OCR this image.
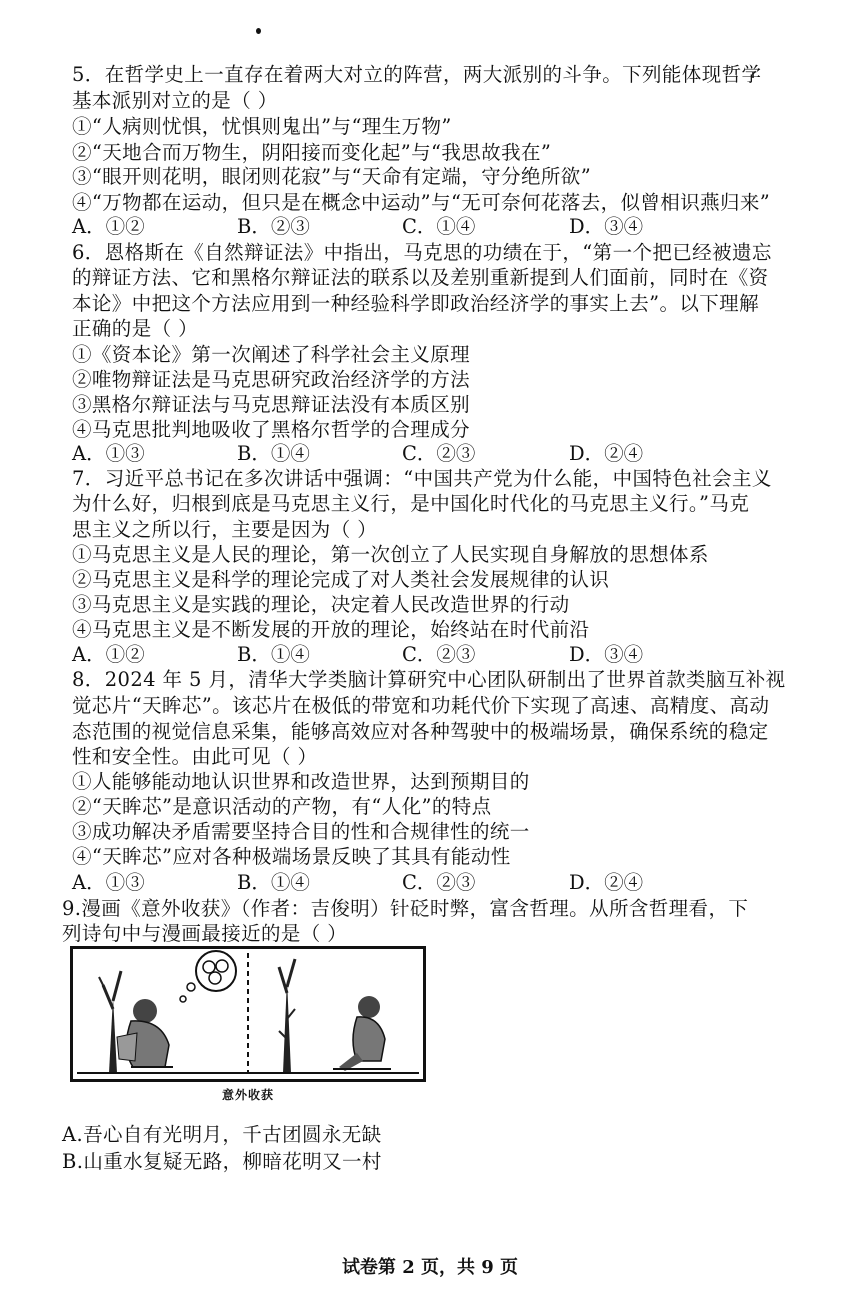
5．在哲学史上一直存在着两大对立的阵营，两大派别的斗争。下列能体现哲学
基本派别对立的是（ ）
①“人病则忧惧，忧惧则鬼出”与“理生万物”
②“天地合而万物生，阴阳接而变化起”与“我思故我在”
③“眼开则花明，眼闭则花寂”与“天命有定端，守分绝所欲”
④“万物都在运动，但只是在概念中运动”与“无可奈何花落去，似曾相识燕归来”
A．①②	B．②③	C．①④	D．③④
6．恩格斯在《自然辩证法》中指出，马克思的功绩在于，“第一个把已经被遗忘
的辩证方法、它和黑格尔辩证法的联系以及差别重新提到人们面前，同时在《资
本论》中把这个方法应用到一种经验科学即政治经济学的事实上去”。以下理解
正确的是（ ）
①《资本论》第一次阐述了科学社会主义原理
②唯物辩证法是马克思研究政治经济学的方法
③黑格尔辩证法与马克思辩证法没有本质区别
④马克思批判地吸收了黑格尔哲学的合理成分
A．①③	B．①④	C．②③	D．②④
7．习近平总书记在多次讲话中强调：“中国共产党为什么能，中国特色社会主义
为什么好，归根到底是马克思主义行，是中国化时代化的马克思主义行。”马克
思主义之所以行，主要是因为（ ）
①马克思主义是人民的理论，第一次创立了人民实现自身解放的思想体系
②马克思主义是科学的理论完成了对人类社会发展规律的认识
③马克思主义是实践的理论，决定着人民改造世界的行动
④马克思主义是不断发展的开放的理论，始终站在时代前沿
A．①②	B．①④	C．②③	D．③④
8．2024 年 5 月，清华大学类脑计算研究中心团队研制出了世界首款类脑互补视
觉芯片“天眸芯”。该芯片在极低的带宽和功耗代价下实现了高速、高精度、高动
态范围的视觉信息采集，能够高效应对各种驾驶中的极端场景，确保系统的稳定
性和安全性。由此可见（ ）
①人能够能动地认识世界和改造世界，达到预期目的
②“天眸芯”是意识活动的产物，有“人化”的特点
③成功解决矛盾需要坚持合目的性和合规律性的统一
④“天眸芯”应对各种极端场景反映了其具有能动性
A．①③	B．①④	C．②③	D．②④
9.漫画《意外收获》（作者：吉俊明）针砭时弊，富含哲理。从所含哲理看，下
列诗句中与漫画最接近的是（ ）
意外收获
A.吾心自有光明月，千古团圆永无缺
B.山重水复疑无路，柳暗花明又一村
试卷第 2 页，共 9 页
